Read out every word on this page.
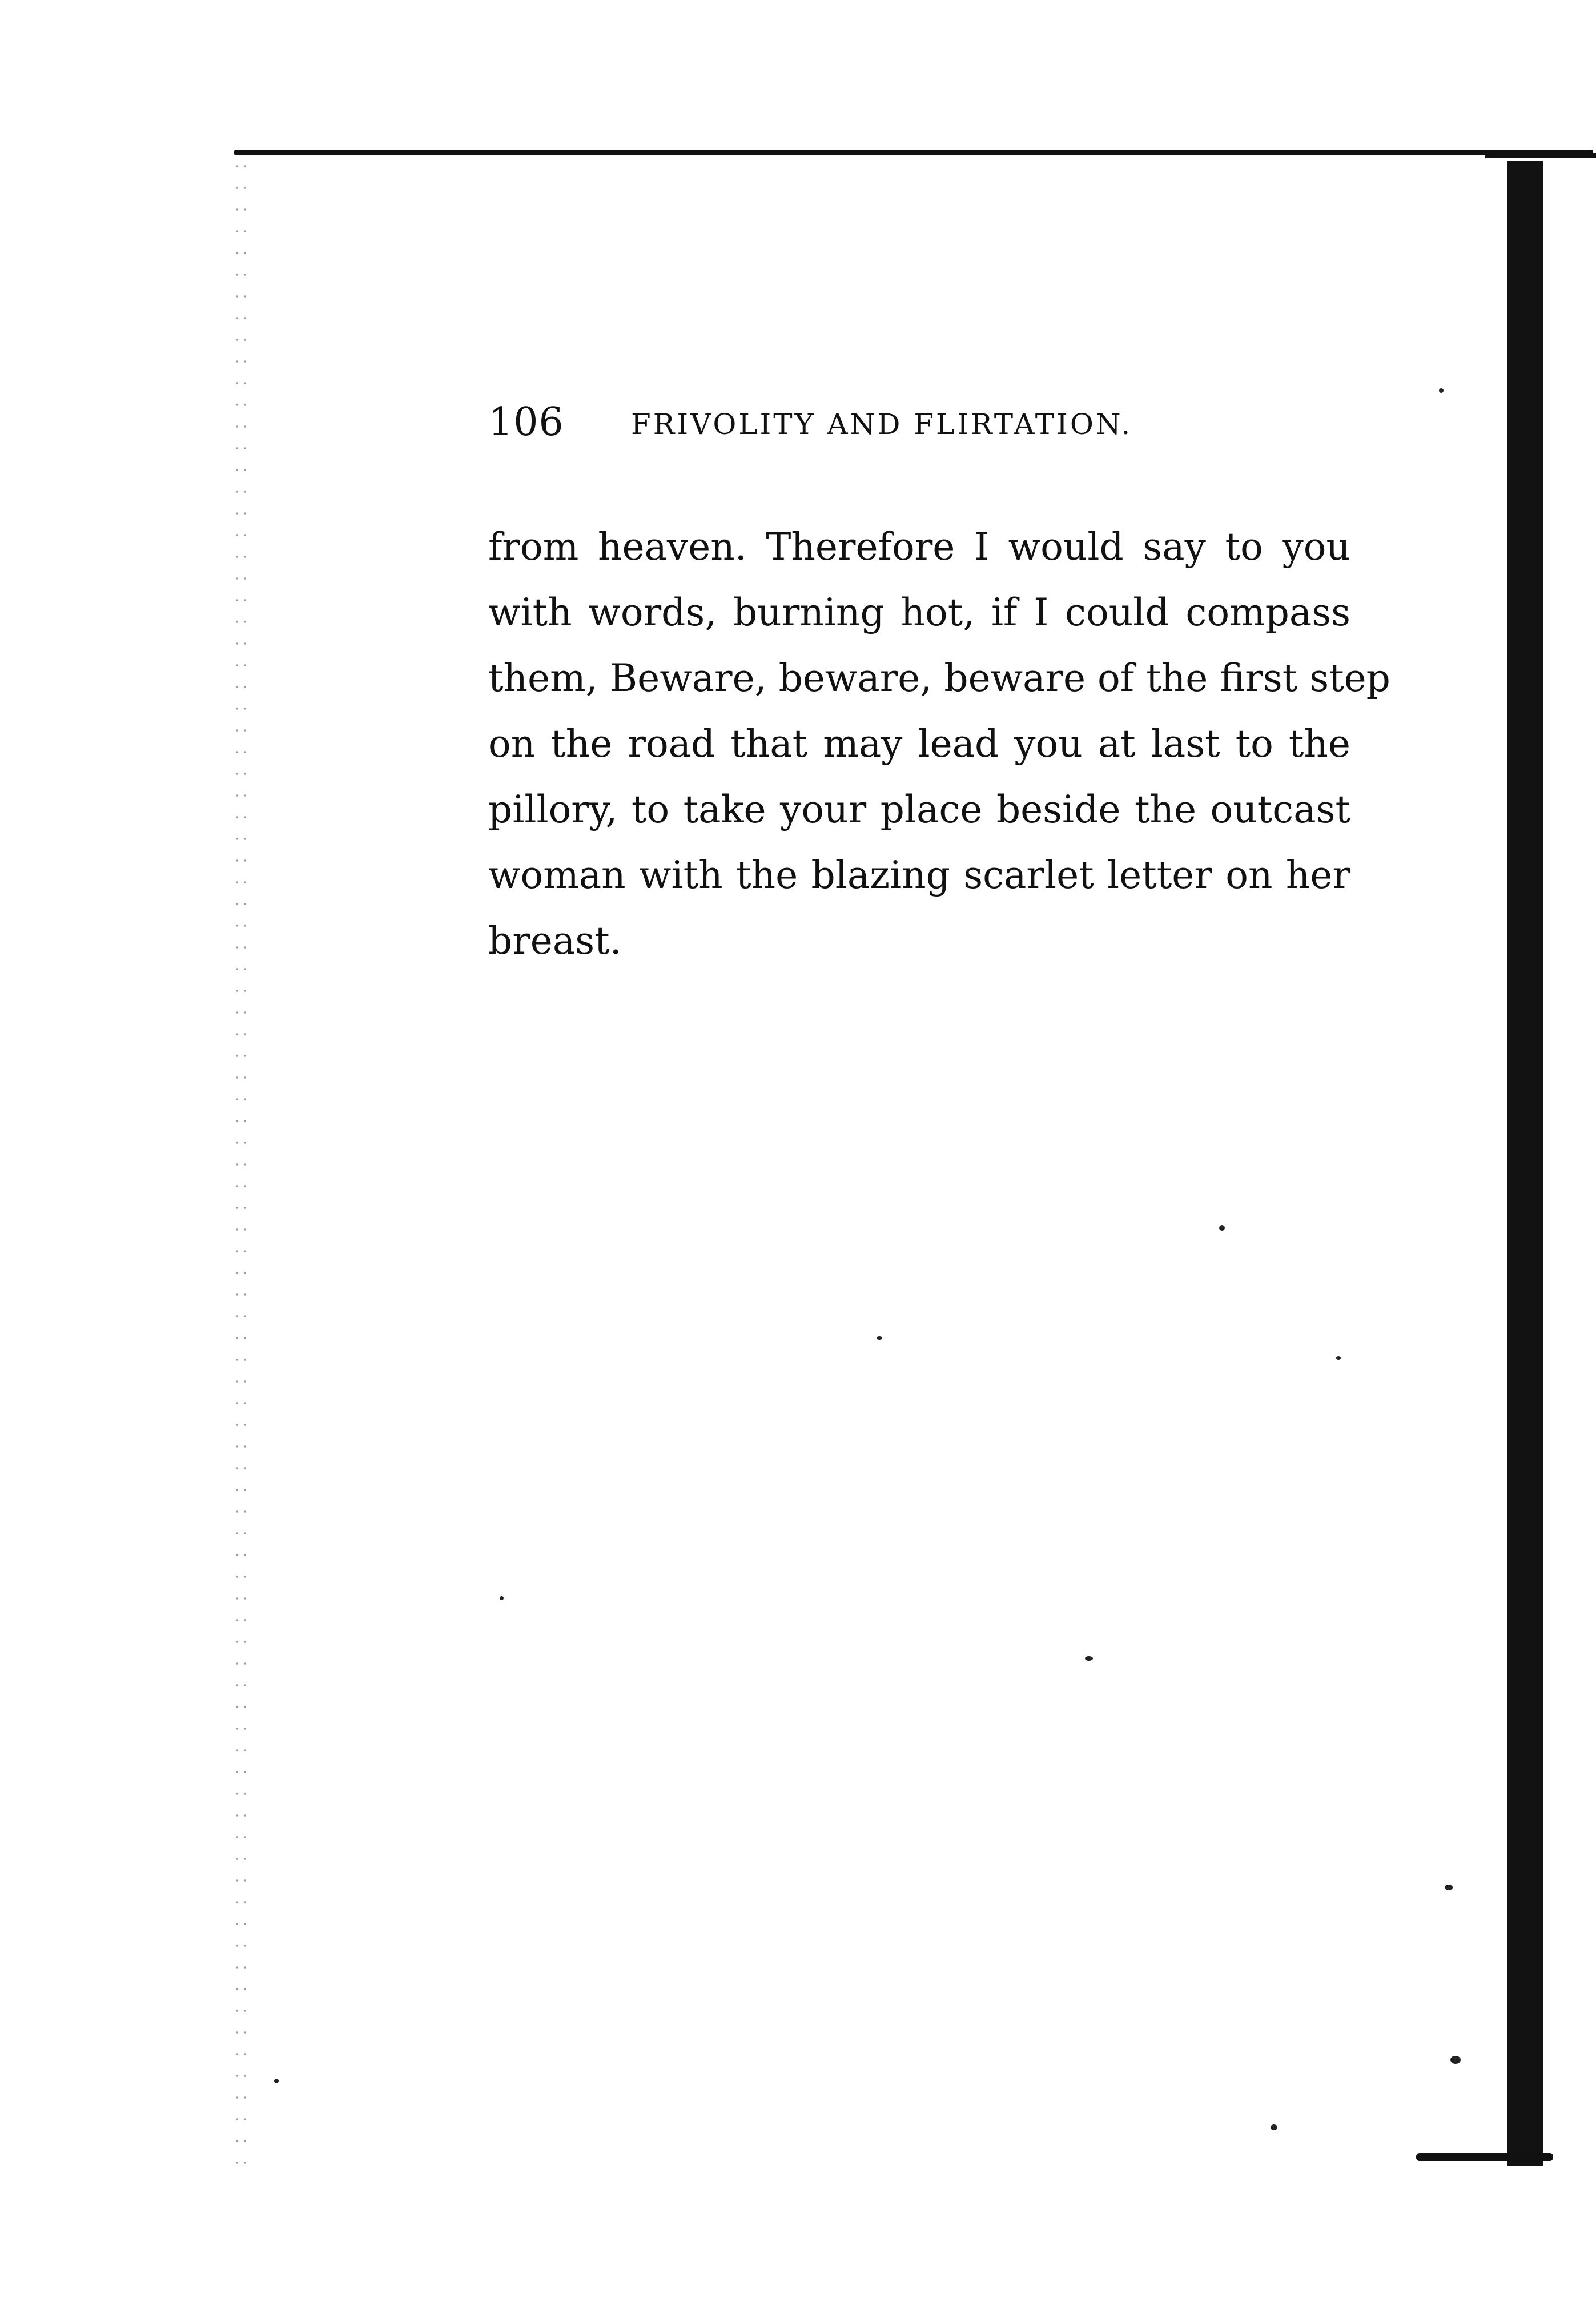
106 FRIVOLITY AND FLIRTATION.
from heaven. Therefore I would say to you
with words, burning hot, if I could compass
them, Beware, beware, beware of the first step
on the road that may lead you at last to the
pillory, to take your place beside the outcast
woman with the blazing scarlet letter on her
breast.
